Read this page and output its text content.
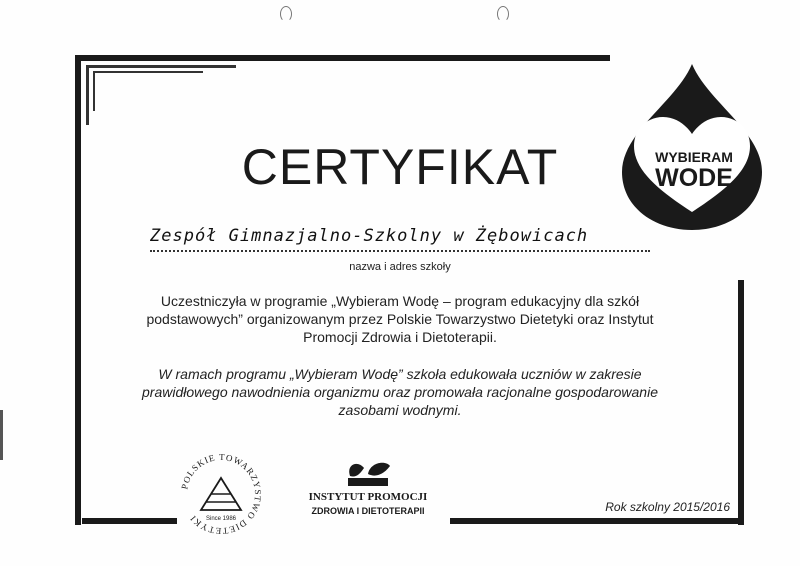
WYBIERAM
WODĘ
CERTYFIKAT
Zespół Gimnazjalno-Szkolny w Żębowicach
nazwa i adres szkoły
Uczestniczyła w programie „Wybieram Wodę – program edukacyjny dla szkół podstawowych” organizowanym przez Polskie Towarzystwo Dietetyki oraz Instytut Promocji Zdrowia i Dietoterapii.
W ramach programu „Wybieram Wodę” szkoła edukowała uczniów w zakresie prawidłowego nawodnienia organizmu oraz promowała racjonalne gospodarowanie zasobami wodnymi.
POLSKIE TOWARZYSTWO DIETETYKI	Since 1986
INSTYTUT PROMOCJI
ZDROWIA I DIETOTERAPII	Rok szkolny 2015/2016
